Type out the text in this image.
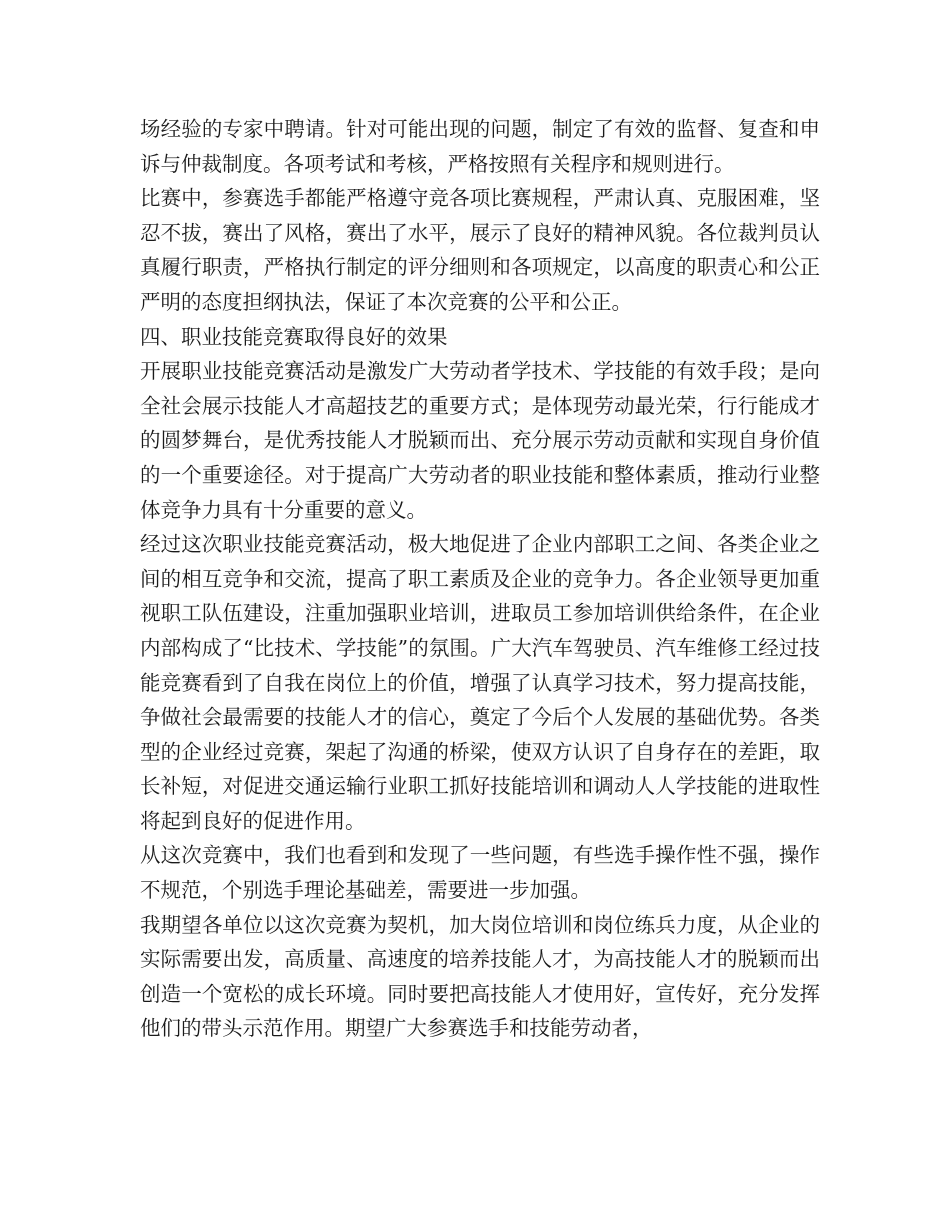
场经验的专家中聘请。针对可能出现的问题，制定了有效的监督、复查和申诉与仲裁制度。各项考试和考核，严格按照有关程序和规则进行。

比赛中，参赛选手都能严格遵守竞各项比赛规程，严肃认真、克服困难，坚忍不拔，赛出了风格，赛出了水平，展示了良好的精神风貌。各位裁判员认真履行职责，严格执行制定的评分细则和各项规定，以高度的职责心和公正严明的态度担纲执法，保证了本次竞赛的公平和公正。

四、职业技能竞赛取得良好的效果

开展职业技能竞赛活动是激发广大劳动者学技术、学技能的有效手段；是向全社会展示技能人才高超技艺的重要方式；是体现劳动最光荣，行行能成才的圆梦舞台，是优秀技能人才脱颖而出、充分展示劳动贡献和实现自身价值的一个重要途径。对于提高广大劳动者的职业技能和整体素质，推动行业整体竞争力具有十分重要的意义。

经过这次职业技能竞赛活动，极大地促进了企业内部职工之间、各类企业之间的相互竞争和交流，提高了职工素质及企业的竞争力。各企业领导更加重视职工队伍建设，注重加强职业培训，进取员工参加培训供给条件，在企业内部构成了“比技术、学技能”的氛围。广大汽车驾驶员、汽车维修工经过技能竞赛看到了自我在岗位上的价值，增强了认真学习技术，努力提高技能，争做社会最需要的技能人才的信心，奠定了今后个人发展的基础优势。各类型的企业经过竞赛，架起了沟通的桥梁，使双方认识了自身存在的差距，取长补短，对促进交通运输行业职工抓好技能培训和调动人人学技能的进取性将起到良好的促进作用。

从这次竞赛中，我们也看到和发现了一些问题，有些选手操作性不强，操作不规范，个别选手理论基础差，需要进一步加强。

我期望各单位以这次竞赛为契机，加大岗位培训和岗位练兵力度，从企业的实际需要出发，高质量、高速度的培养技能人才，为高技能人才的脱颖而出创造一个宽松的成长环境。同时要把高技能人才使用好，宣传好，充分发挥他们的带头示范作用。期望广大参赛选手和技能劳动者，
